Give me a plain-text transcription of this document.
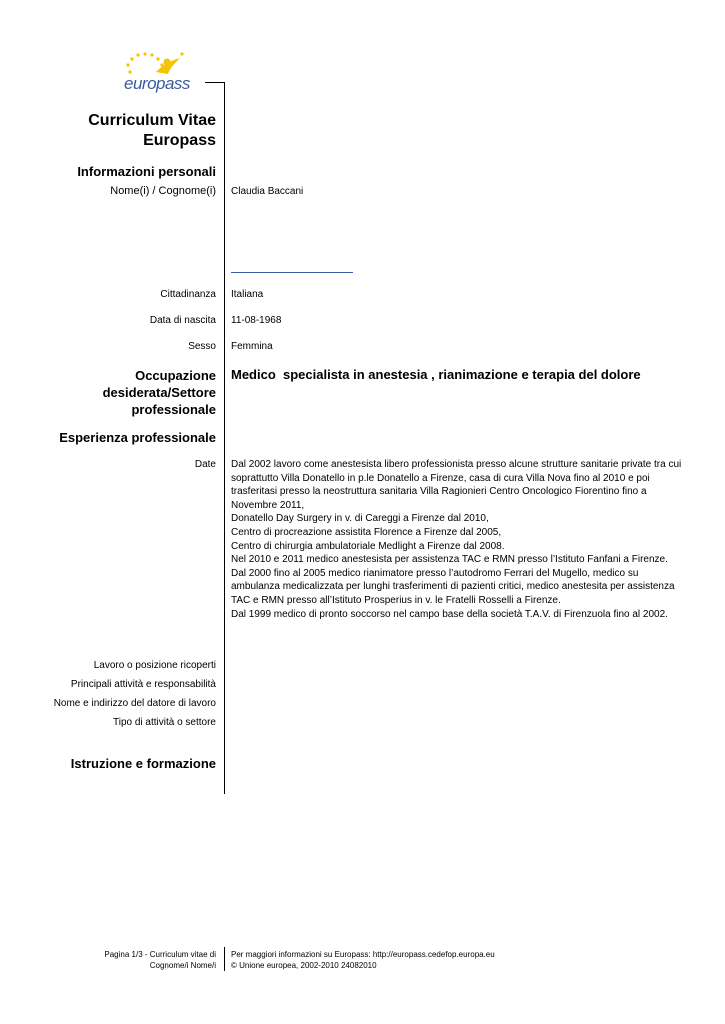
europass
Curriculum Vitae
Europass
Informazioni personali
Nome(i) / Cognome(i) Claudia Baccani
Cittadinanza Italiana
Data di nascita 11-08-1968
Sesso Femmina
Occupazione
desiderata/Settore
professionale
Medico  specialista in anestesia , rianimazione e terapia del dolore
Esperienza professionale
Date Dal 2002 lavoro come anestesista libero professionista presso alcune strutture sanitarie private tra cui
soprattutto Villa Donatello in p.le Donatello a Firenze, casa di cura Villa Nova fino al 2010 e poi
trasferitasi presso la neostruttura sanitaria Villa Ragionieri Centro Oncologico Fiorentino fino a
Novembre 2011,
Donatello Day Surgery in v. di Careggi a Firenze dal 2010,
Centro di procreazione assistita Florence a Firenze dal 2005,
Centro di chirurgia ambulatoriale Medlight a Firenze dal 2008.
Nel 2010 e 2011 medico anestesista per assistenza TAC e RMN presso l’Istituto Fanfani a Firenze.
Dal 2000 fino al 2005 medico rianimatore presso l’autodromo Ferrari del Mugello, medico su
ambulanza medicalizzata per lunghi trasferimenti di pazienti critici, medico anestesita per assistenza
TAC e RMN presso all’Istituto Prosperius in v. le Fratelli Rosselli a Firenze.
Dal 1999 medico di pronto soccorso nel campo base della società T.A.V. di Firenzuola fino al 2002.
Lavoro o posizione ricoperti
Principali attività e responsabilità
Nome e indirizzo del datore di lavoro
Tipo di attività o settore
Istruzione e formazione
Pagina 1/3 - Curriculum vitae di
Cognome/i Nome/i
Per maggiori informazioni su Europass: http://europass.cedefop.europa.eu
© Unione europea, 2002-2010 24082010
